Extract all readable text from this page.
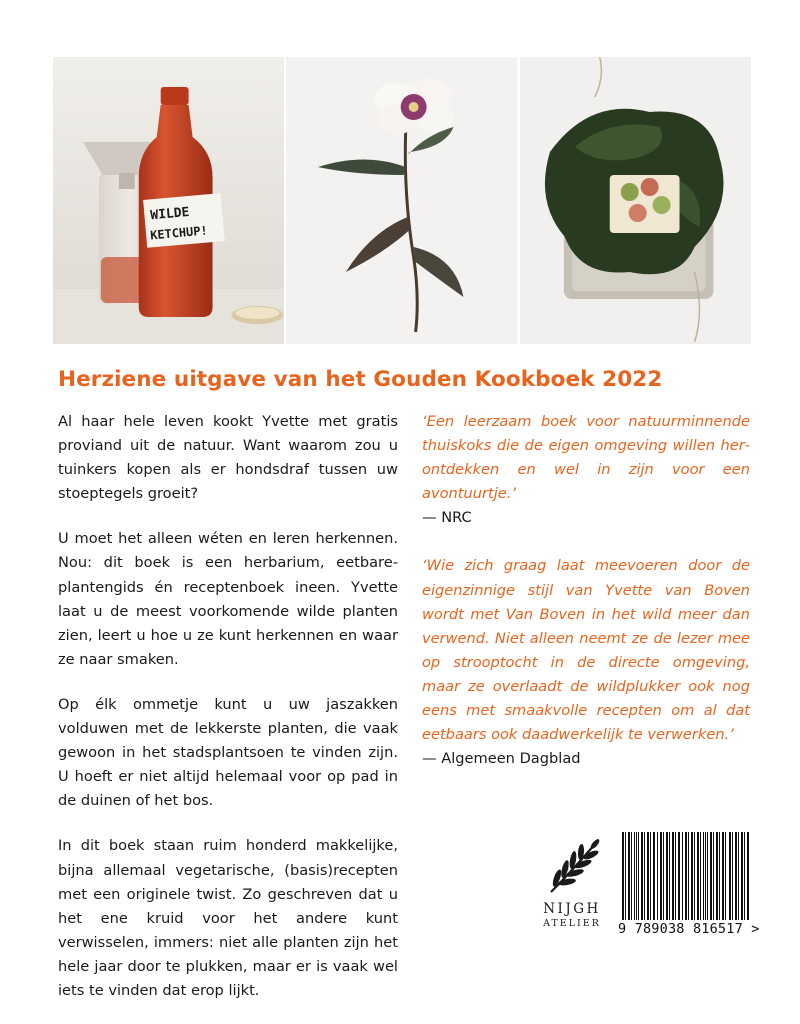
WILDE
KETCHUP!
Herziene uitgave van het Gouden Kookboek 2022

Al haar hele leven kookt Yvette met gratis proviand uit de natuur. Want waarom zou u tuinkers kopen als er hondsdraf tussen uw stoeptegels groeit?

U moet het alleen wéten en leren herkennen. Nou: dit boek is een herbarium, eetbareplantengids én receptenboek ineen. Yvette laat u de meest voorkomende wilde planten zien, leert u hoe u ze kunt herkennen en waar ze naar smaken.

Op élk ommetje kunt u uw jaszakken volduwen met de lekkerste planten, die vaak gewoon in het stadsplantsoen te vinden zijn. U hoeft er niet altijd helemaal voor op pad in de duinen of het bos.

In dit boek staan ruim honderd makkelijke, bijna allemaal vegetarische, (basis)recepten met een originele twist. Zo geschreven dat u het ene kruid voor het andere kunt verwisselen, immers: niet alle planten zijn het hele jaar door te plukken, maar er is vaak wel iets te vinden dat erop lijkt.

‘Een leerzaam boek voor natuurminnende thuiskoks die de eigen omgeving willen herontdekken en wel in zijn voor een avontuurtje.’

— NRC

‘Wie zich graag laat meevoeren door de eigenzinnige stijl van Yvette van Boven wordt met Van Boven in het wild meer dan verwend. Niet alleen neemt ze de lezer mee op strooptocht in de directe omgeving, maar ze overlaadt de wildplukker ook nog eens met smaakvolle recepten om al dat eetbaars ook daadwerkelijk te verwerken.’

— Algemeen Dagblad

NIJGH
ATELIER	9 789038 816517 >
